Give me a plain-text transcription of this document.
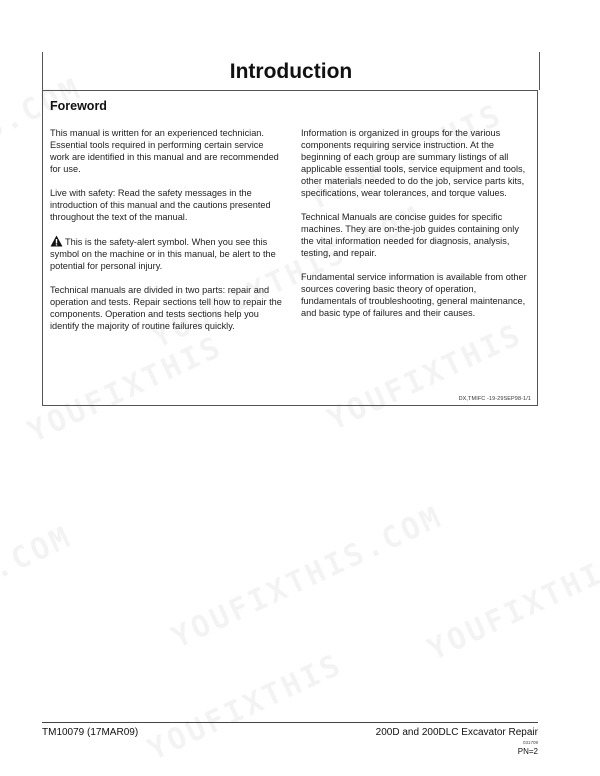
Introduction
Foreword

This manual is written for an experienced technician. Essential tools required in performing certain service work are identified in this manual and are recommended for use.

Live with safety: Read the safety messages in the introduction of this manual and the cautions presented throughout the text of the manual.

This is the safety-alert symbol. When you see this symbol on the machine or in this manual, be alert to the potential for personal injury.

Technical manuals are divided in two parts: repair and operation and tests. Repair sections tell how to repair the components. Operation and tests sections help you identify the majority of routine failures quickly.

Information is organized in groups for the various components requiring service instruction. At the beginning of each group are summary listings of all applicable essential tools, service equipment and tools, other materials needed to do the job, service parts kits, specifications, wear tolerances, and torque values.

Technical Manuals are concise guides for specific machines. They are on-the-job guides containing only the vital information needed for diagnosis, analysis, testing, and repair.

Fundamental service information is available from other sources covering basic theory of operation, fundamentals of troubleshooting, general maintenance, and basic type of failures and their causes.

DX,TMIFC -19-29SEP98-1/1
TM10079 (17MAR09)	200D and 200DLC Excavator Repair
031709
PN=2
